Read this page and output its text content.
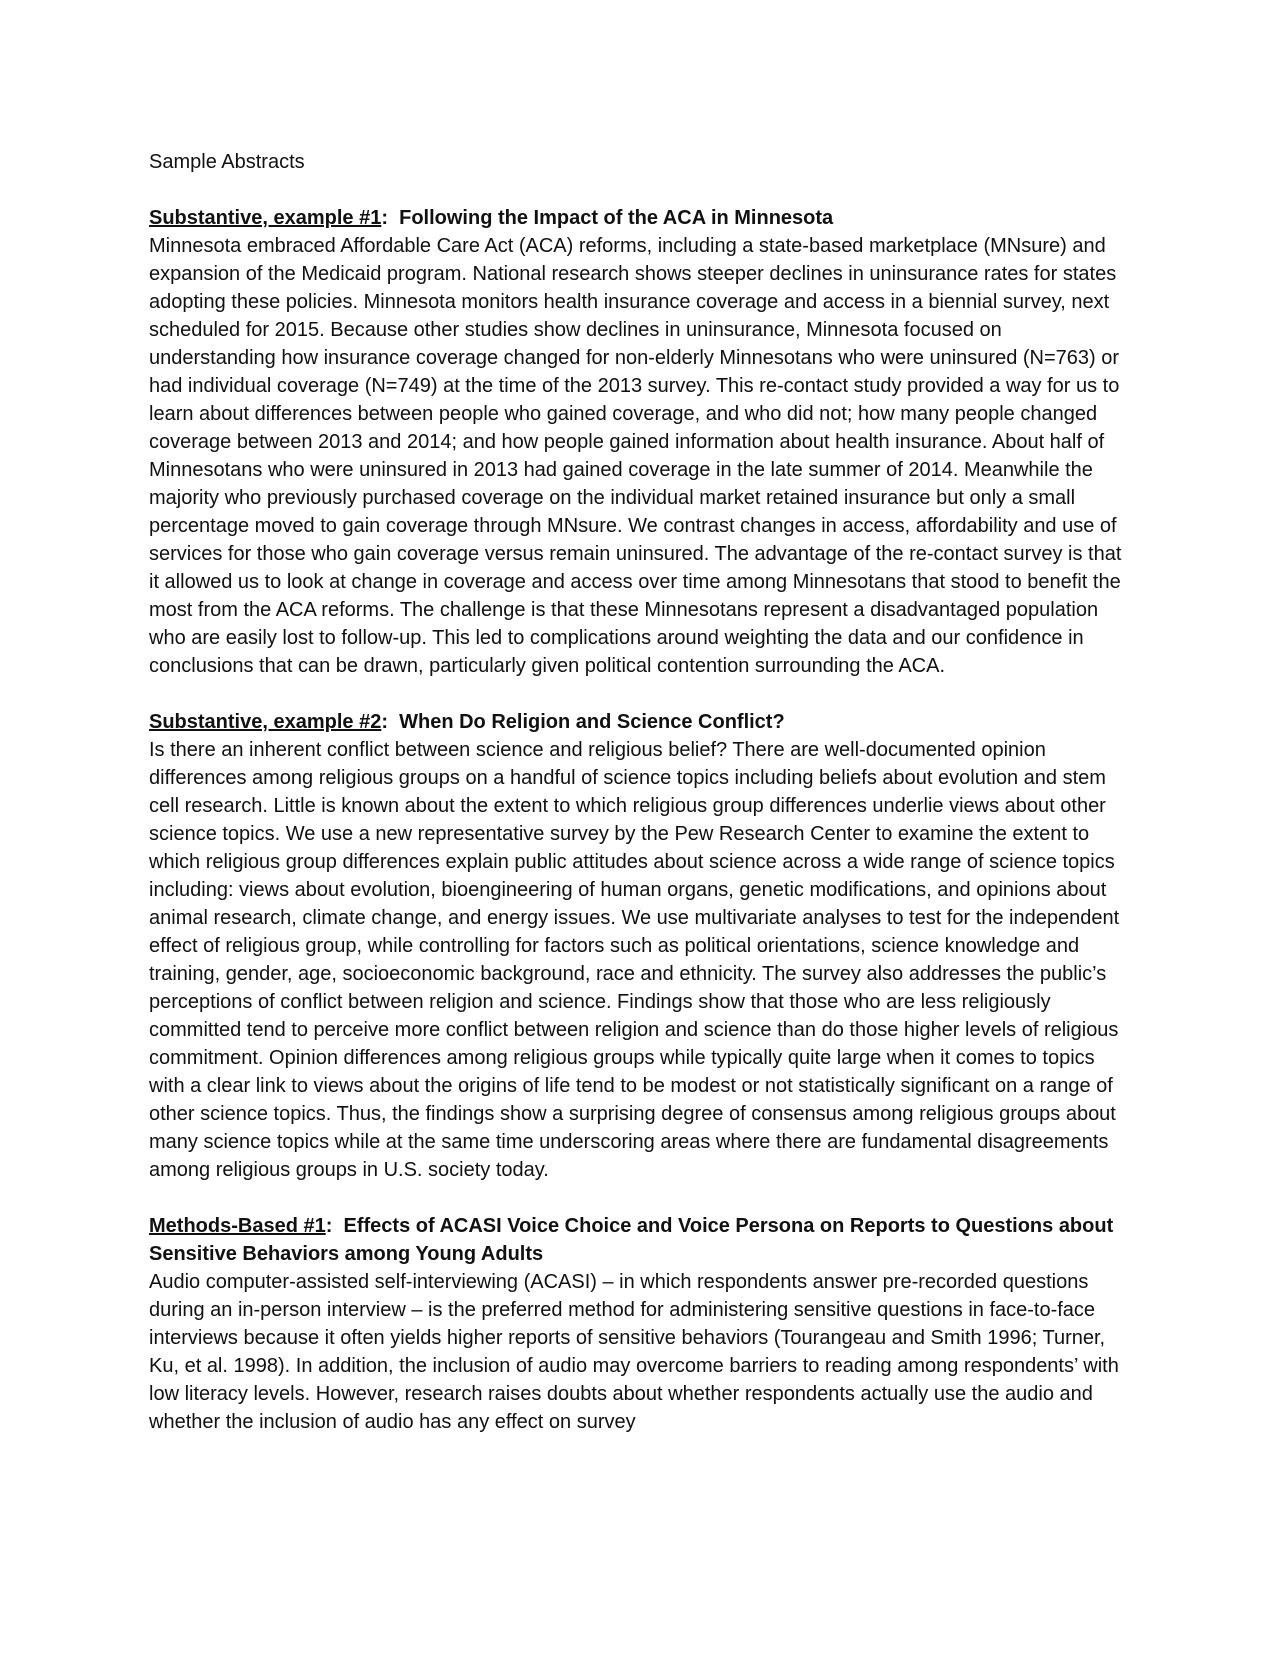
Sample Abstracts

Substantive, example #1:  Following the Impact of the ACA in Minnesota

Minnesota embraced Affordable Care Act (ACA) reforms, including a state-based marketplace (MNsure) and expansion of the Medicaid program. National research shows steeper declines in uninsurance rates for states adopting these policies. Minnesota monitors health insurance coverage and access in a biennial survey, next scheduled for 2015. Because other studies show declines in uninsurance, Minnesota focused on understanding how insurance coverage changed for non-elderly Minnesotans who were uninsured (N=763) or had individual coverage (N=749) at the time of the 2013 survey. This re-contact study provided a way for us to learn about differences between people who gained coverage, and who did not; how many people changed coverage between 2013 and 2014; and how people gained information about health insurance. About half of Minnesotans who were uninsured in 2013 had gained coverage in the late summer of 2014. Meanwhile the majority who previously purchased coverage on the individual market retained insurance but only a small percentage moved to gain coverage through MNsure. We contrast changes in access, affordability and use of services for those who gain coverage versus remain uninsured. The advantage of the re-contact survey is that it allowed us to look at change in coverage and access over time among Minnesotans that stood to benefit the most from the ACA reforms. The challenge is that these Minnesotans represent a disadvantaged population who are easily lost to follow-up. This led to complications around weighting the data and our confidence in conclusions that can be drawn, particularly given political contention surrounding the ACA.

Substantive, example #2:  When Do Religion and Science Conflict?

Is there an inherent conflict between science and religious belief? There are well-documented opinion differences among religious groups on a handful of science topics including beliefs about evolution and stem cell research. Little is known about the extent to which religious group differences underlie views about other science topics. We use a new representative survey by the Pew Research Center to examine the extent to which religious group differences explain public attitudes about science across a wide range of science topics including: views about evolution, bioengineering of human organs, genetic modifications, and opinions about animal research, climate change, and energy issues. We use multivariate analyses to test for the independent effect of religious group, while controlling for factors such as political orientations, science knowledge and training, gender, age, socioeconomic background, race and ethnicity. The survey also addresses the public’s perceptions of conflict between religion and science. Findings show that those who are less religiously committed tend to perceive more conflict between religion and science than do those higher levels of religious commitment. Opinion differences among religious groups while typically quite large when it comes to topics with a clear link to views about the origins of life tend to be modest or not statistically significant on a range of other science topics. Thus, the findings show a surprising degree of consensus among religious groups about many science topics while at the same time underscoring areas where there are fundamental disagreements among religious groups in U.S. society today.

Methods-Based #1:  Effects of ACASI Voice Choice and Voice Persona on Reports to Questions about Sensitive Behaviors among Young Adults

Audio computer-assisted self-interviewing (ACASI) – in which respondents answer pre-recorded questions during an in-person interview – is the preferred method for administering sensitive questions in face-to-face interviews because it often yields higher reports of sensitive behaviors (Tourangeau and Smith 1996; Turner, Ku, et al. 1998). In addition, the inclusion of audio may overcome barriers to reading among respondents’ with low literacy levels. However, research raises doubts about whether respondents actually use the audio and whether the inclusion of audio has any effect on survey
